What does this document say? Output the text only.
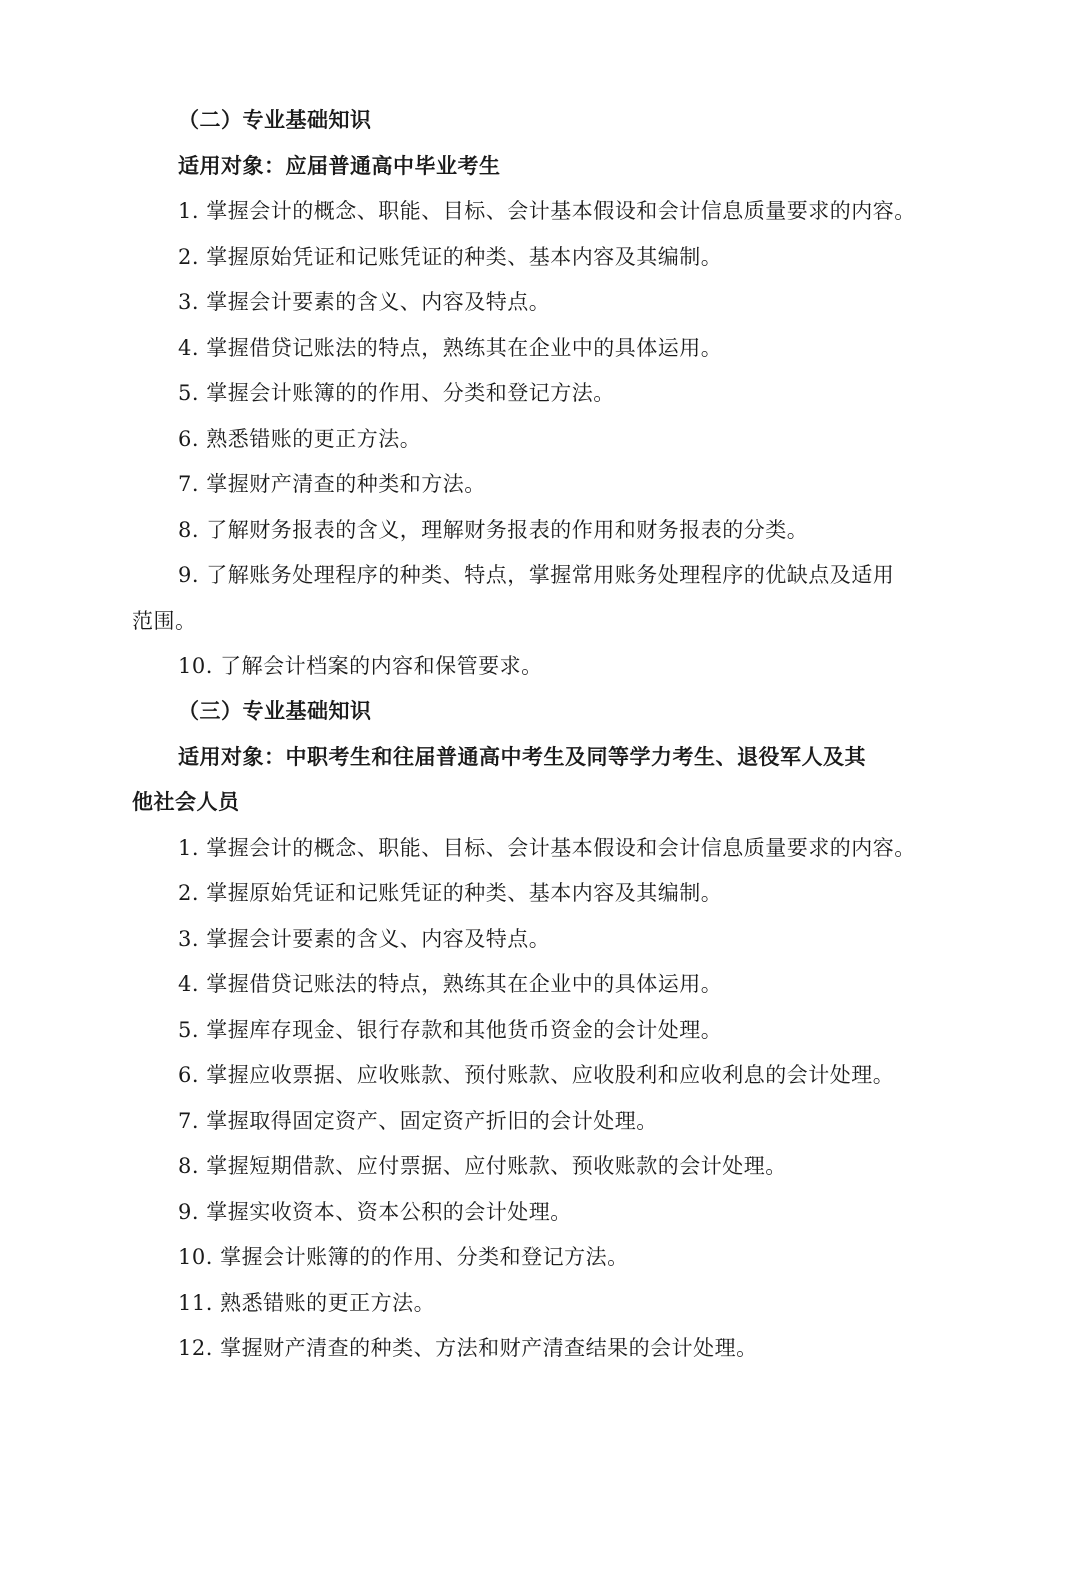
（二）专业基础知识
适用对象：应届普通高中毕业考生
1. 掌握会计的概念、职能、目标、会计基本假设和会计信息质量要求的内容。
2. 掌握原始凭证和记账凭证的种类、基本内容及其编制。
3. 掌握会计要素的含义、内容及特点。
4. 掌握借贷记账法的特点，熟练其在企业中的具体运用。
5. 掌握会计账簿的的作用、分类和登记方法。
6. 熟悉错账的更正方法。
7. 掌握财产清查的种类和方法。
8. 了解财务报表的含义，理解财务报表的作用和财务报表的分类。
9. 了解账务处理程序的种类、特点，掌握常用账务处理程序的优缺点及适用
范围。
10. 了解会计档案的内容和保管要求。
（三）专业基础知识
适用对象：中职考生和往届普通高中考生及同等学力考生、退役军人及其
他社会人员
1. 掌握会计的概念、职能、目标、会计基本假设和会计信息质量要求的内容。
2. 掌握原始凭证和记账凭证的种类、基本内容及其编制。
3. 掌握会计要素的含义、内容及特点。
4. 掌握借贷记账法的特点，熟练其在企业中的具体运用。
5. 掌握库存现金、银行存款和其他货币资金的会计处理。
6. 掌握应收票据、应收账款、预付账款、应收股利和应收利息的会计处理。
7. 掌握取得固定资产、固定资产折旧的会计处理。
8. 掌握短期借款、应付票据、应付账款、预收账款的会计处理。
9. 掌握实收资本、资本公积的会计处理。
10. 掌握会计账簿的的作用、分类和登记方法。
11. 熟悉错账的更正方法。
12. 掌握财产清查的种类、方法和财产清查结果的会计处理。
